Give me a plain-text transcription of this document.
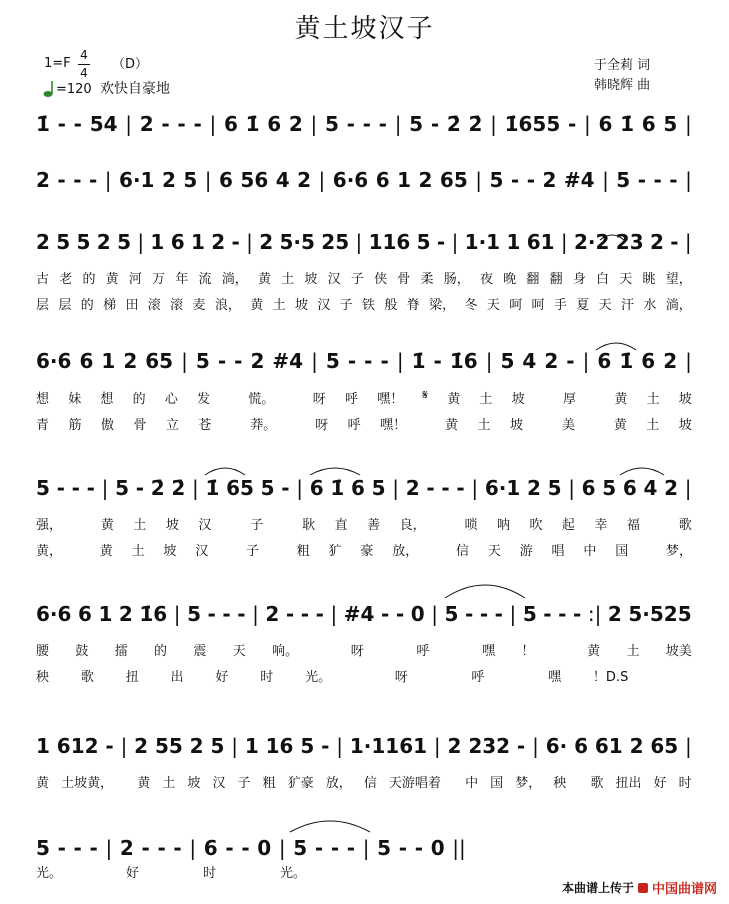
黄土坡汉子
1=F
4
4
（D）
=120 欢快自豪地
于全莉 词
韩晓辉 曲
1̇ - - 54 | 2 - - - | 6 1̇ 6 2 | 5 - - - | 5 - 2̇ 2̇ | 1̇655 - | 6 1̇ 6 5 |
2 - - - | 6·1 2 5 | 6 56 4 2 | 6·6 6 1 2 65 | 5 - - 2 #4 | 5 - - - |
2 5 5 2 5 | 1 6 1 2 - | 2 5·5 25 | 116 5 - | 1·1 1 61 | 2·2 23 2 - |
古 老 的 黄 河 万 年 流 淌， 黄 土 坡 汉 子 侠 骨 柔 肠， 夜 晚 翻 翻 身 白 天 眺 望，
层 层 的 梯 田 滚 滚 麦 浪， 黄 土 坡 汉 子 铁 般 脊 梁， 冬 天 呵 呵 手 夏 天 汗 水 淌，
6·6 6 1 2 65 | 5 - - 2 #4 | 5 - - - | 1̇ - 1̇6 | 5 4 2 - | 6 1̇ 6 2 |
想 妹 想 的 心 发	慌。	呀 呼 嘿！ 𝄋 黄 土 坡	厚	黄 土 坡
青 筋 傲 骨 立 苍	莽。	呀 呼 嘿！	黄 土 坡	美	黄 土 坡
5 - - - | 5 - 2̇ 2̇ | 1̇ 65 5 - | 6 1̇ 6 5 | 2 - - - | 6·1 2 5 | 6 5 6 4 2 |
强，	黄 土 坡 汉	子	耿 直 善 良，	唢 呐 吹 起 幸 福	歌
黄，	黄 土 坡 汉	子	粗 犷 豪 放，	信 天 游 唱 中 国	梦，
6·6 6 1 2 1̇6 | 5 - - - | 2 - - - | #4 - - 0 | 5 - - - | 5 - - - :| 2 5·525
腰 鼓 擂 的 震 天 响。	呀	呼	嘿 ！	黄 土 坡美
秧 歌 扭 出 好 时 光。	呀	呼	嘿 ！D.S
1 612 - | 2 55 2 5 | 1 16 5 - | 1·1161 | 2 232 - | 6· 6 61 2 65 |
黄 土坡黄， 黄 土 坡 汉 子 粗 犷豪 放， 信 天游唱着 中 国 梦， 秧 歌 扭出 好 时
5 - - - | 2 - - - | 6 - - 0 | 5 - - - | 5 - - 0 ||
光。	好	时	光。
本曲谱上传于 中国曲谱网
